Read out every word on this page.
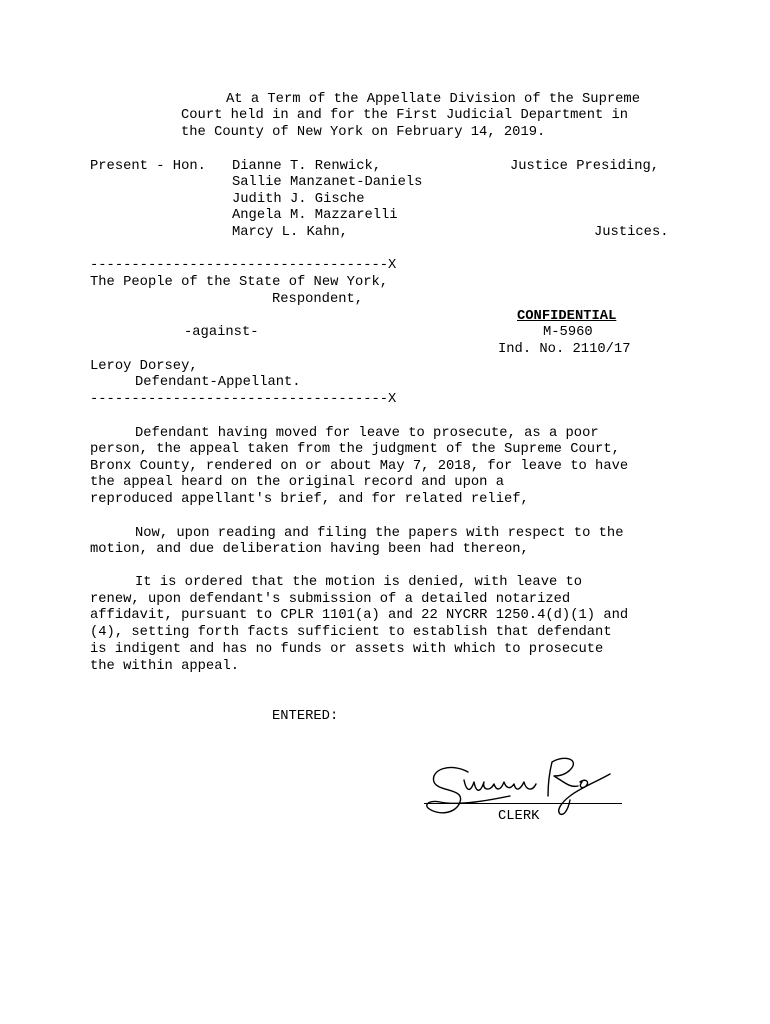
At a Term of the Appellate Division of the Supreme
Court held in and for the First Judicial Department in
the County of New York on February 14, 2019.
Present - Hon. Dianne T. Renwick,	Justice Presiding,
Sallie Manzanet-Daniels
Judith J. Gische
Angela M. Mazzarelli
Marcy L. Kahn,	Justices.
------------------------------------X
The People of the State of New York,
Respondent,
CONFIDENTIAL
-against-	M-5960
Ind. No. 2110/17
Leroy Dorsey,
Defendant-Appellant.
------------------------------------X
Defendant having moved for leave to prosecute, as a poor
person, the appeal taken from the judgment of the Supreme Court,
Bronx County, rendered on or about May 7, 2018, for leave to have
the appeal heard on the original record and upon a
reproduced appellant's brief, and for related relief,
Now, upon reading and filing the papers with respect to the
motion, and due deliberation having been had thereon,
It is ordered that the motion is denied, with leave to
renew, upon defendant's submission of a detailed notarized
affidavit, pursuant to CPLR 1101(a) and 22 NYCRR 1250.4(d)(1) and
(4), setting forth facts sufficient to establish that defendant
is indigent and has no funds or assets with which to prosecute
the within appeal.
ENTERED:
CLERK
